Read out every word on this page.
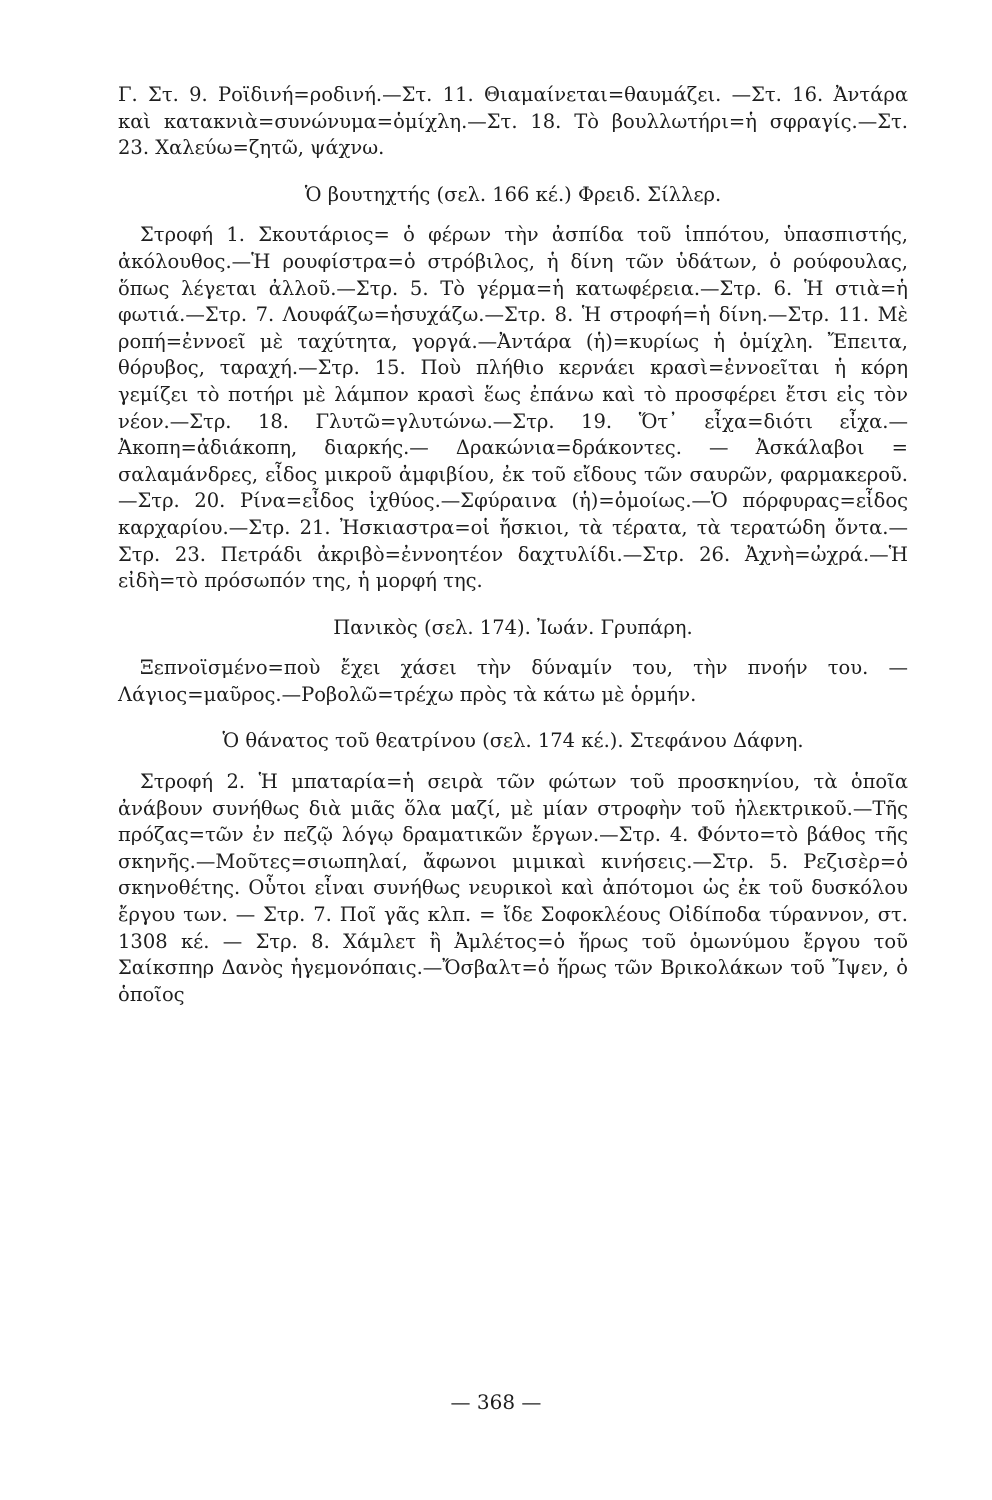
Γ. Στ. 9. Ροϊδινή=ροδινή.—Στ. 11. Θιαμαίνεται=θαυμάζει. —Στ. 16. Ἀντάρα καὶ κατακνιὰ=συνώνυμα=ὁμίχλη.—Στ. 18. Τὸ βουλλωτήρι=ἡ σφραγίς.—Στ. 23. Χαλεύω=ζητῶ, ψάχνω.

Ὁ βουτηχτής (σελ. 166 κέ.) Φρειδ. Σίλλερ.

Στροφή 1. Σκουτάριος= ὁ φέρων τὴν ἀσπίδα τοῦ ἱππότου, ὑπασπιστής, ἀκόλουθος.—Ἡ ρουφίστρα=ὁ στρόβιλος, ἡ δίνη τῶν ὑδάτων, ὁ ρούφουλας, ὅπως λέγεται ἀλλοῦ.—Στρ. 5. Τὸ γέρμα=ἡ κατωφέρεια.—Στρ. 6. Ἡ στιὰ=ἡ φωτιά.—Στρ. 7. Λουφάζω=ἡσυχάζω.—Στρ. 8. Ἡ στροφή=ἡ δίνη.—Στρ. 11. Μὲ ροπή=ἐννοεῖ μὲ ταχύτητα, γοργά.—Ἀντάρα (ἡ)=κυρίως ἡ ὁμίχλη. Ἔπειτα, θόρυβος, ταραχή.—Στρ. 15. Ποὺ πλήθιο κερνάει κρασὶ=ἐννοεῖται ἡ κόρη γεμίζει τὸ ποτήρι μὲ λάμπον κρασὶ ἕως ἐπάνω καὶ τὸ προσφέρει ἔτσι εἰς τὸν νέον.—Στρ. 18. Γλυτῶ=γλυτώνω.—Στρ. 19. Ὅτ᾽ εἶχα=διότι εἶχα.—Ἀκοπη=ἀδιάκοπη, διαρκής.— Δρακώνια=δράκοντες. — Ἀσκάλαβοι = σαλαμάνδρες, εἶδος μικροῦ ἀμφιβίου, ἐκ τοῦ εἴδους τῶν σαυρῶν, φαρμακεροῦ.—Στρ. 20. Ρίνα=εἶδος ἰχθύος.—Σφύραινα (ἡ)=ὁμοίως.—Ὁ πόρφυρας=εἶδος καρχαρίου.—Στρ. 21. Ἠσκιαστρα=οἱ ἤσκιοι, τὰ τέρατα, τὰ τερατώδη ὄντα.—Στρ. 23. Πετράδι ἀκριβὸ=ἐννοητέον δαχτυλίδι.—Στρ. 26. Ἀχνὴ=ὠχρά.—Ἡ εἰδὴ=τὸ πρόσωπόν της, ἡ μορφή της.

Πανικὸς (σελ. 174). Ἰωάν. Γρυπάρη.

Ξεπνοϊσμένο=ποὺ ἔχει χάσει τὴν δύναμίν του, τὴν πνοήν του. —Λάγιος=μαῦρος.—Ροβολῶ=τρέχω πρὸς τὰ κάτω μὲ ὁρμήν.

Ὁ θάνατος τοῦ θεατρίνου (σελ. 174 κέ.). Στεφάνου Δάφνη.

Στροφή 2. Ἡ μπαταρία=ἡ σειρὰ τῶν φώτων τοῦ προσκηνίου, τὰ ὁποῖα ἀνάβουν συνήθως διὰ μιᾶς ὅλα μαζί, μὲ μίαν στροφὴν τοῦ ἠλεκτρικοῦ.—Τῆς πρόζας=τῶν ἐν πεζῷ λόγῳ δραματικῶν ἔργων.—Στρ. 4. Φόντο=τὸ βάθος τῆς σκηνῆς.—Μοῦτες=σιωπηλαί, ἄφωνοι μιμικαὶ κινήσεις.—Στρ. 5. Ρεζισὲρ=ὁ σκηνοθέτης. Οὗτοι εἶναι συνήθως νευρικοὶ καὶ ἀπότομοι ὡς ἐκ τοῦ δυσκόλου ἔργου των. — Στρ. 7. Ποῖ γᾶς κλπ. = ἴδε Σοφοκλέους Οἰδίποδα τύραννον, στ. 1308 κέ. — Στρ. 8. Χάμλετ ἢ Ἀμλέτος=ὁ ἥρως τοῦ ὁμωνύμου ἔργου τοῦ Σαίκσπηρ Δανὸς ἡγεμονόπαις.—Ὄσβαλτ=ὁ ἥρως τῶν Βρικολάκων τοῦ Ἴψεν, ὁ ὁποῖος

— 368 —
